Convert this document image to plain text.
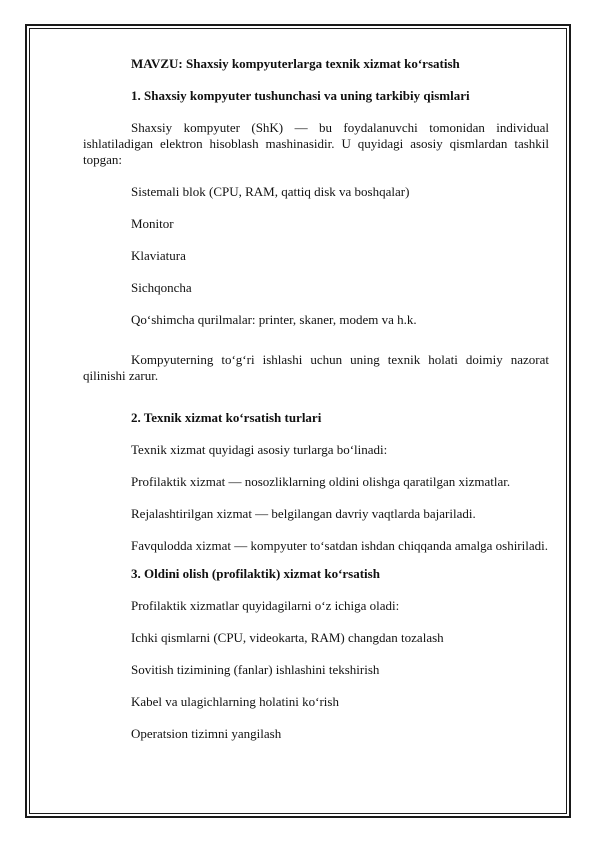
MAVZU: Shaxsiy kompyuterlarga texnik xizmat ko‘rsatish

1. Shaxsiy kompyuter tushunchasi va uning tarkibiy qismlari

Shaxsiy kompyuter (ShK) — bu foydalanuvchi tomonidan individual ishlatiladigan elektron hisoblash mashinasidir. U quyidagi asosiy qismlardan tashkil topgan:

Sistemali blok (CPU, RAM, qattiq disk va boshqalar)

Monitor

Klaviatura

Sichqoncha

Qo‘shimcha qurilmalar: printer, skaner, modem va h.k.

Kompyuterning to‘g‘ri ishlashi uchun uning texnik holati doimiy nazorat qilinishi zarur.

2. Texnik xizmat ko‘rsatish turlari

Texnik xizmat quyidagi asosiy turlarga bo‘linadi:

Profilaktik xizmat — nosozliklarning oldini olishga qaratilgan xizmatlar.

Rejalashtirilgan xizmat — belgilangan davriy vaqtlarda bajariladi.

Favqulodda xizmat — kompyuter to‘satdan ishdan chiqqanda amalga oshiriladi.

3. Oldini olish (profilaktik) xizmat ko‘rsatish

Profilaktik xizmatlar quyidagilarni o‘z ichiga oladi:

Ichki qismlarni (CPU, videokarta, RAM) changdan tozalash

Sovitish tizimining (fanlar) ishlashini tekshirish

Kabel va ulagichlarning holatini ko‘rish

Operatsion tizimni yangilash
